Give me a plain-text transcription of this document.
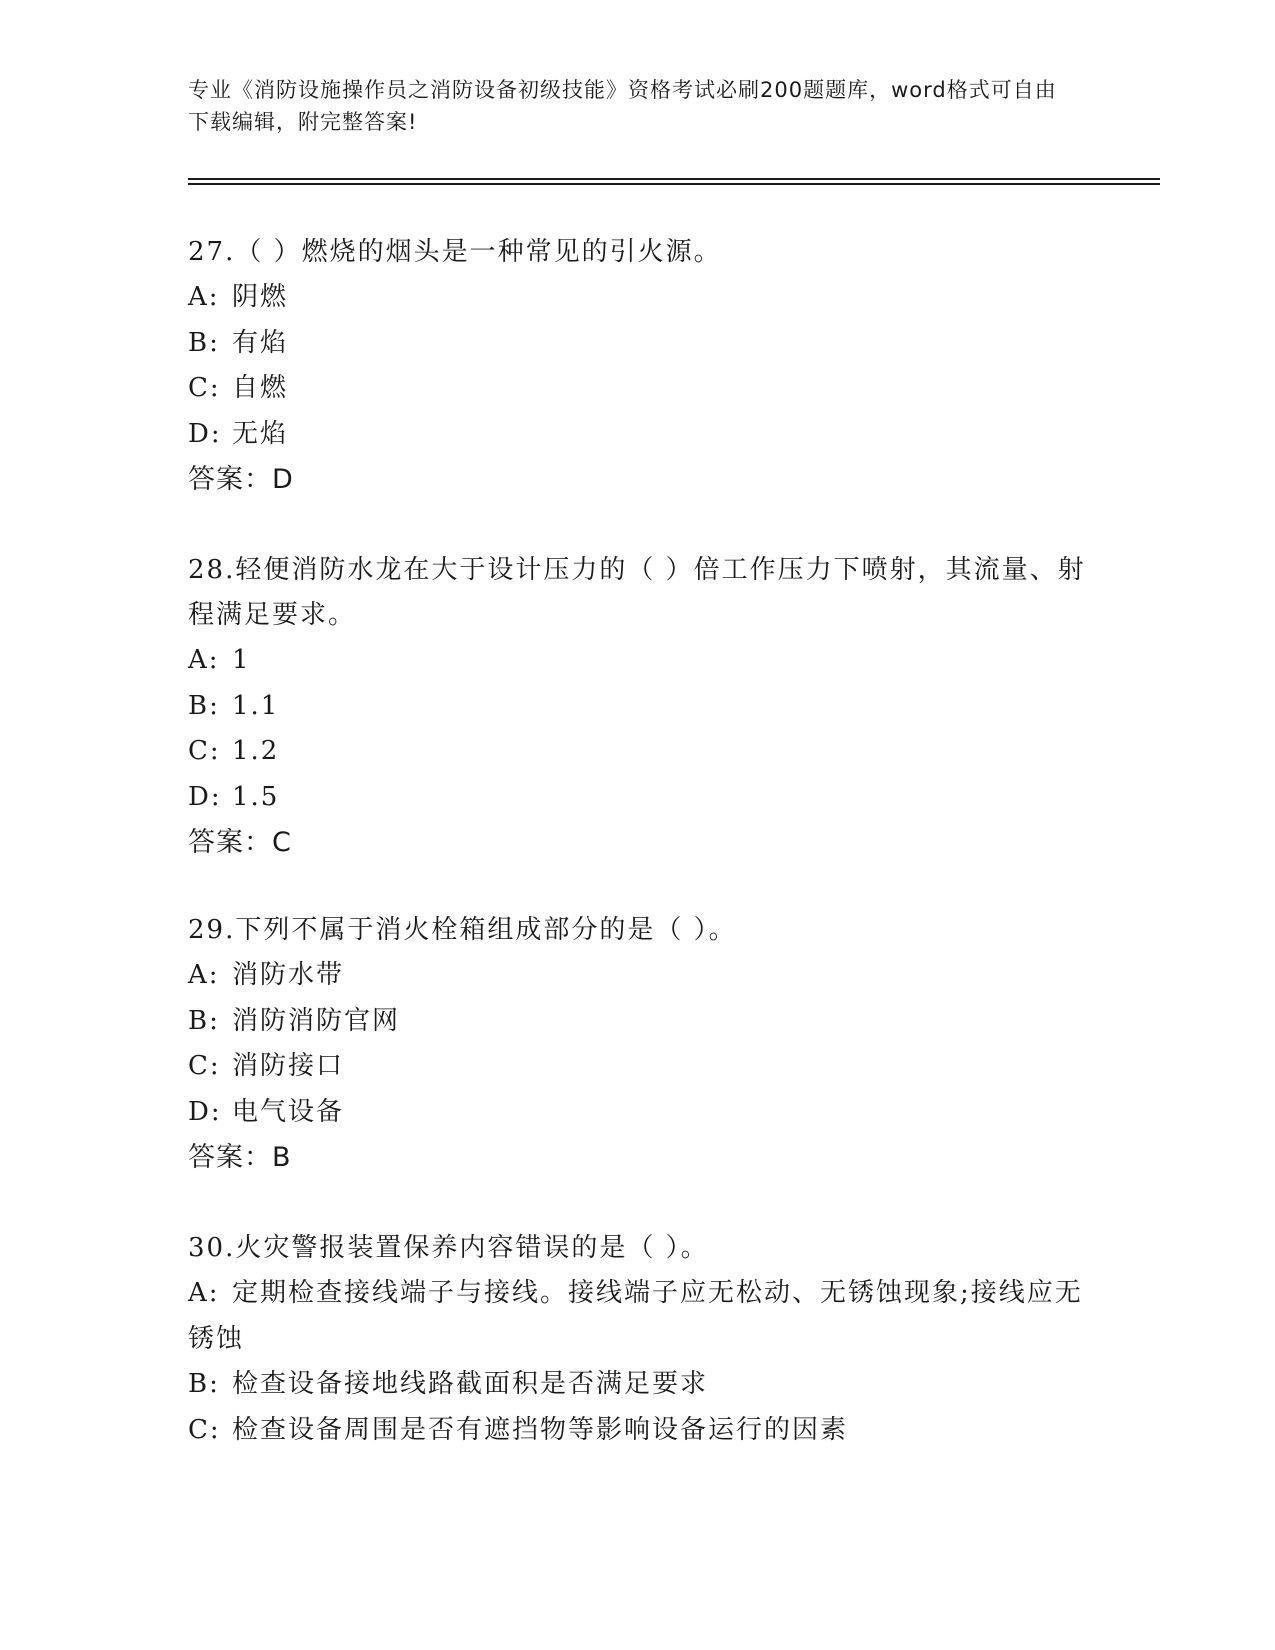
专业《消防设施操作员之消防设备初级技能》资格考试必刷200题题库，word格式可自由下载编辑，附完整答案!
27.（ ）燃烧的烟头是一种常见的引火源。
A: 阴燃
B: 有焰
C: 自燃
D: 无焰
答案：D
28.轻便消防水龙在大于设计压力的（ ）倍工作压力下喷射，其流量、射程满足要求。
A: 1
B: 1.1
C: 1.2
D: 1.5
答案：C
29.下列不属于消火栓箱组成部分的是（ ）。
A: 消防水带
B: 消防消防官网
C: 消防接口
D: 电气设备
答案：B
30.火灾警报装置保养内容错误的是（ ）。
A: 定期检查接线端子与接线。接线端子应无松动、无锈蚀现象;接线应无锈蚀
B: 检查设备接地线路截面积是否满足要求
C: 检查设备周围是否有遮挡物等影响设备运行的因素
